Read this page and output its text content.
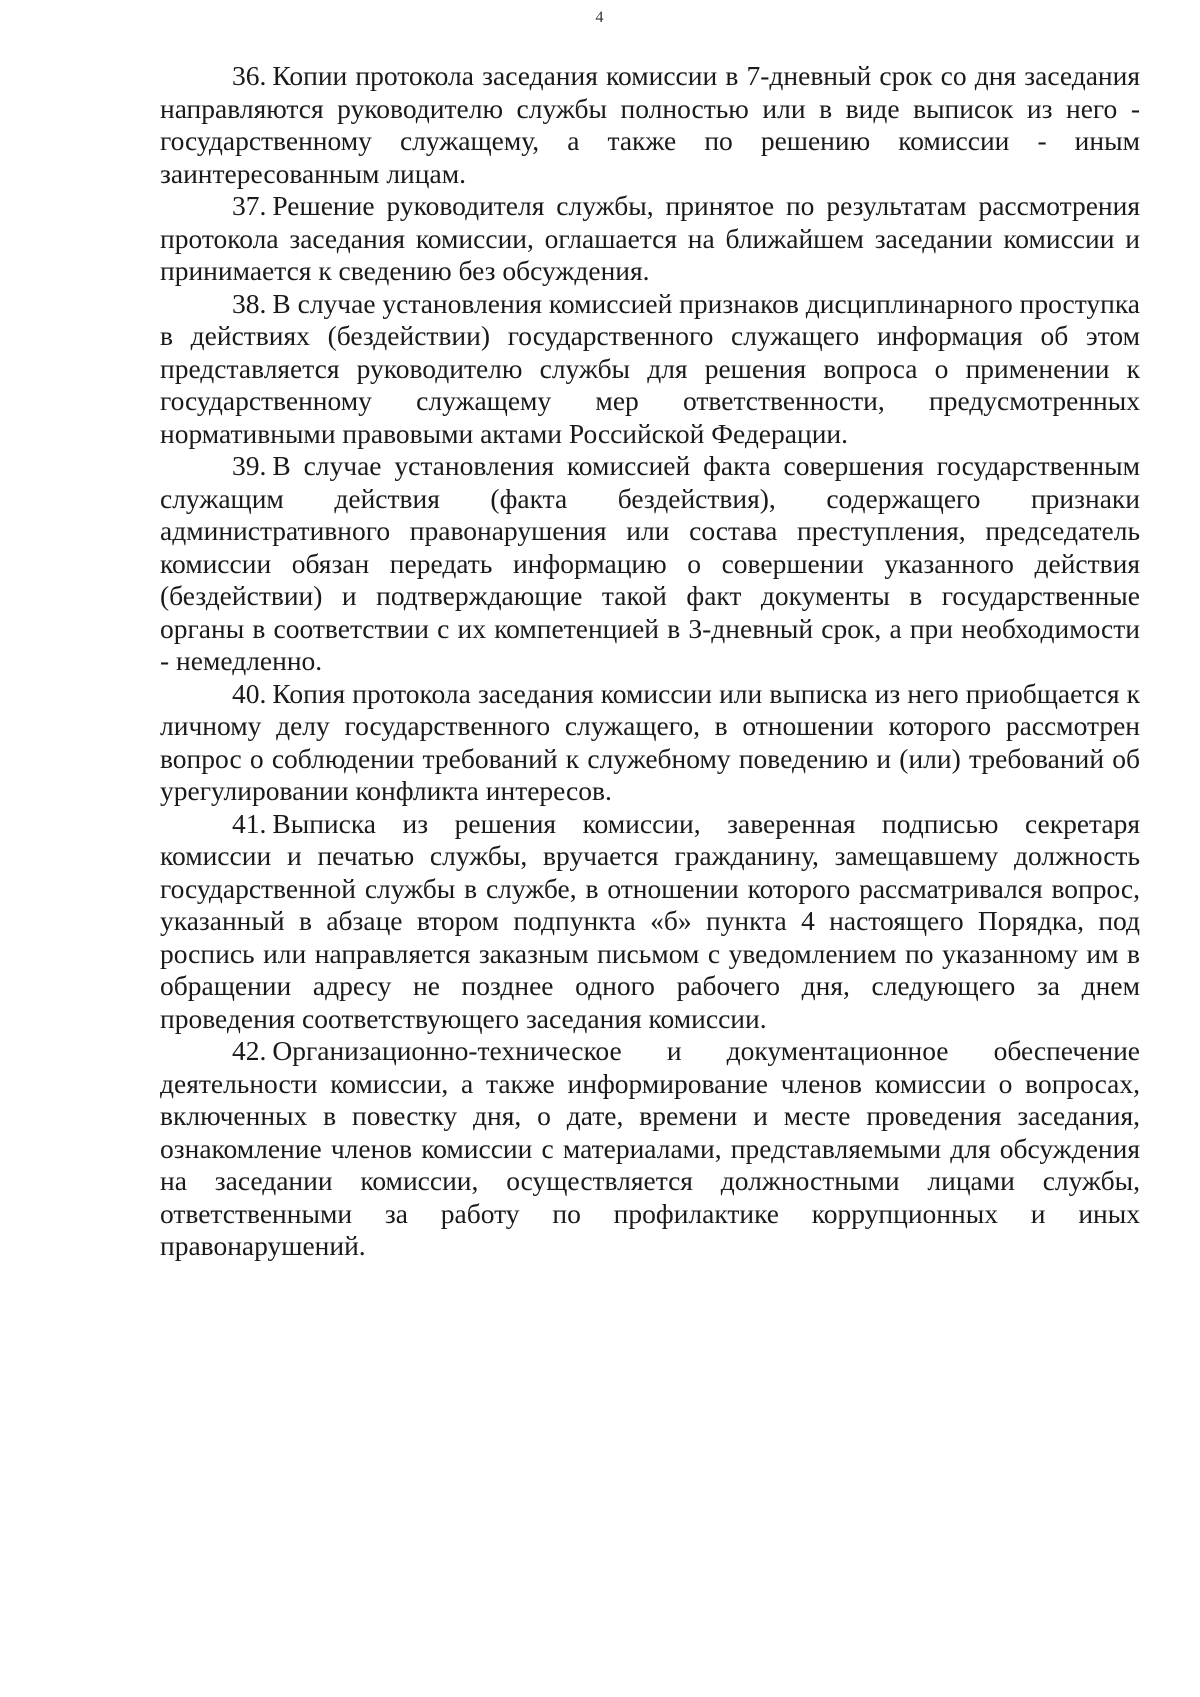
4

36. Копии протокола заседания комиссии в 7-дневный срок со дня заседания направляются руководителю службы полностью или в виде выписок из него - государственному служащему, а также по решению комиссии - иным заинтересованным лицам.

37. Решение руководителя службы, принятое по результатам рассмотрения протокола заседания комиссии, оглашается на ближайшем заседании комиссии и принимается к сведению без обсуждения.

38. В случае установления комиссией признаков дисциплинарного проступка в действиях (бездействии) государственного служащего информация об этом представляется руководителю службы для решения вопроса о применении к государственному служащему мер ответственности, предусмотренных нормативными правовыми актами Российской Федерации.

39. В случае установления комиссией факта совершения государственным служащим действия (факта бездействия), содержащего признаки административного правонарушения или состава преступления, председатель комиссии обязан передать информацию о совершении указанного действия (бездействии) и подтверждающие такой факт документы в государственные органы в соответствии с их компетенцией в 3-дневный срок, а при необходимости - немедленно.

40. Копия протокола заседания комиссии или выписка из него приобщается к личному делу государственного служащего, в отношении которого рассмотрен вопрос о соблюдении требований к служебному поведению и (или) требований об урегулировании конфликта интересов.

41. Выписка из решения комиссии, заверенная подписью секретаря комиссии и печатью службы, вручается гражданину, замещавшему должность государственной службы в службе, в отношении которого рассматривался вопрос, указанный в абзаце втором подпункта «б» пункта 4 настоящего Порядка, под роспись или направляется заказным письмом с уведомлением по указанному им в обращении адресу не позднее одного рабочего дня, следующего за днем проведения соответствующего заседания комиссии.

42. Организационно-техническое и документационное обеспечение деятельности комиссии, а также информирование членов комиссии о вопросах, включенных в повестку дня, о дате, времени и месте проведения заседания, ознакомление членов комиссии с материалами, представляемыми для обсуждения на заседании комиссии, осуществляется должностными лицами службы, ответственными за работу по профилактике коррупционных и иных правонарушений.
